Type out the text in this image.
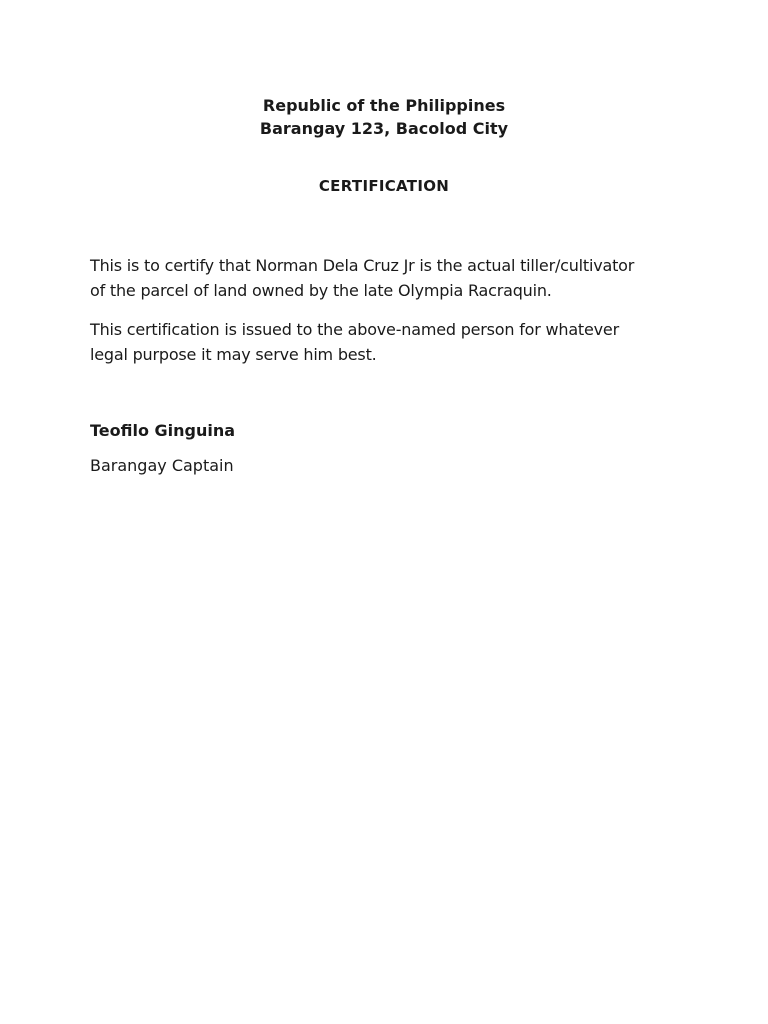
Republic of the Philippines
Barangay 123, Bacolod City
CERTIFICATION
This is to certify that Norman Dela Cruz Jr is the actual tiller/cultivator
of the parcel of land owned by the late Olympia Racraquin.
This certification is issued to the above-named person for whatever
legal purpose it may serve him best.
Teofilo Ginguina
Barangay Captain
